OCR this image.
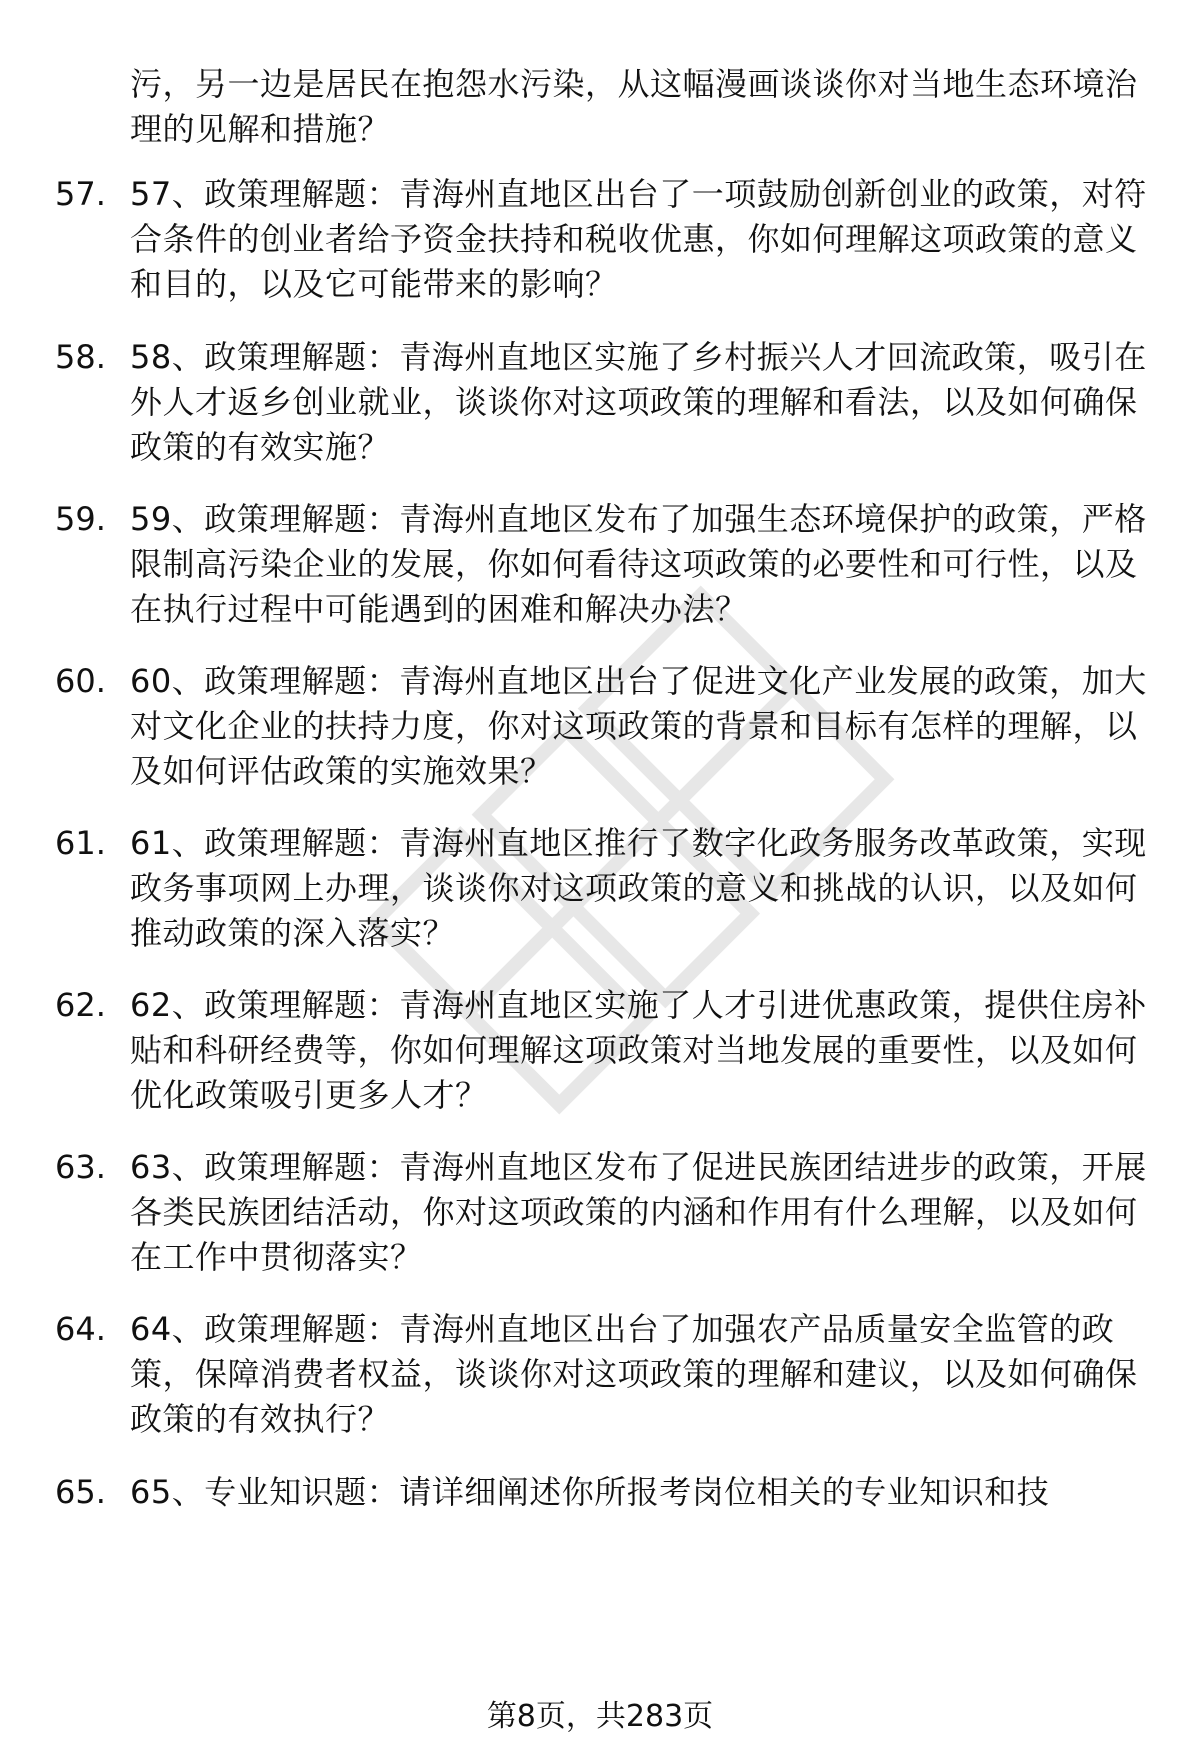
污，另一边是居民在抱怨水污染，从这幅漫画谈谈你对当地生态环境治理的见解和措施？
57. 57、政策理解题：青海州直地区出台了一项鼓励创新创业的政策，对符合条件的创业者给予资金扶持和税收优惠，你如何理解这项政策的意义和目的，以及它可能带来的影响？
58. 58、政策理解题：青海州直地区实施了乡村振兴人才回流政策，吸引在外人才返乡创业就业，谈谈你对这项政策的理解和看法，以及如何确保政策的有效实施？
59. 59、政策理解题：青海州直地区发布了加强生态环境保护的政策，严格限制高污染企业的发展，你如何看待这项政策的必要性和可行性，以及在执行过程中可能遇到的困难和解决办法？
60. 60、政策理解题：青海州直地区出台了促进文化产业发展的政策，加大对文化企业的扶持力度，你对这项政策的背景和目标有怎样的理解，以及如何评估政策的实施效果？
61. 61、政策理解题：青海州直地区推行了数字化政务服务改革政策，实现政务事项网上办理，谈谈你对这项政策的意义和挑战的认识，以及如何推动政策的深入落实？
62. 62、政策理解题：青海州直地区实施了人才引进优惠政策，提供住房补贴和科研经费等，你如何理解这项政策对当地发展的重要性，以及如何优化政策吸引更多人才？
63. 63、政策理解题：青海州直地区发布了促进民族团结进步的政策，开展各类民族团结活动，你对这项政策的内涵和作用有什么理解，以及如何在工作中贯彻落实？
64. 64、政策理解题：青海州直地区出台了加强农产品质量安全监管的政策，保障消费者权益，谈谈你对这项政策的理解和建议，以及如何确保政策的有效执行？
65. 65、专业知识题：请详细阐述你所报考岗位相关的专业知识和技
第8页，共283页
